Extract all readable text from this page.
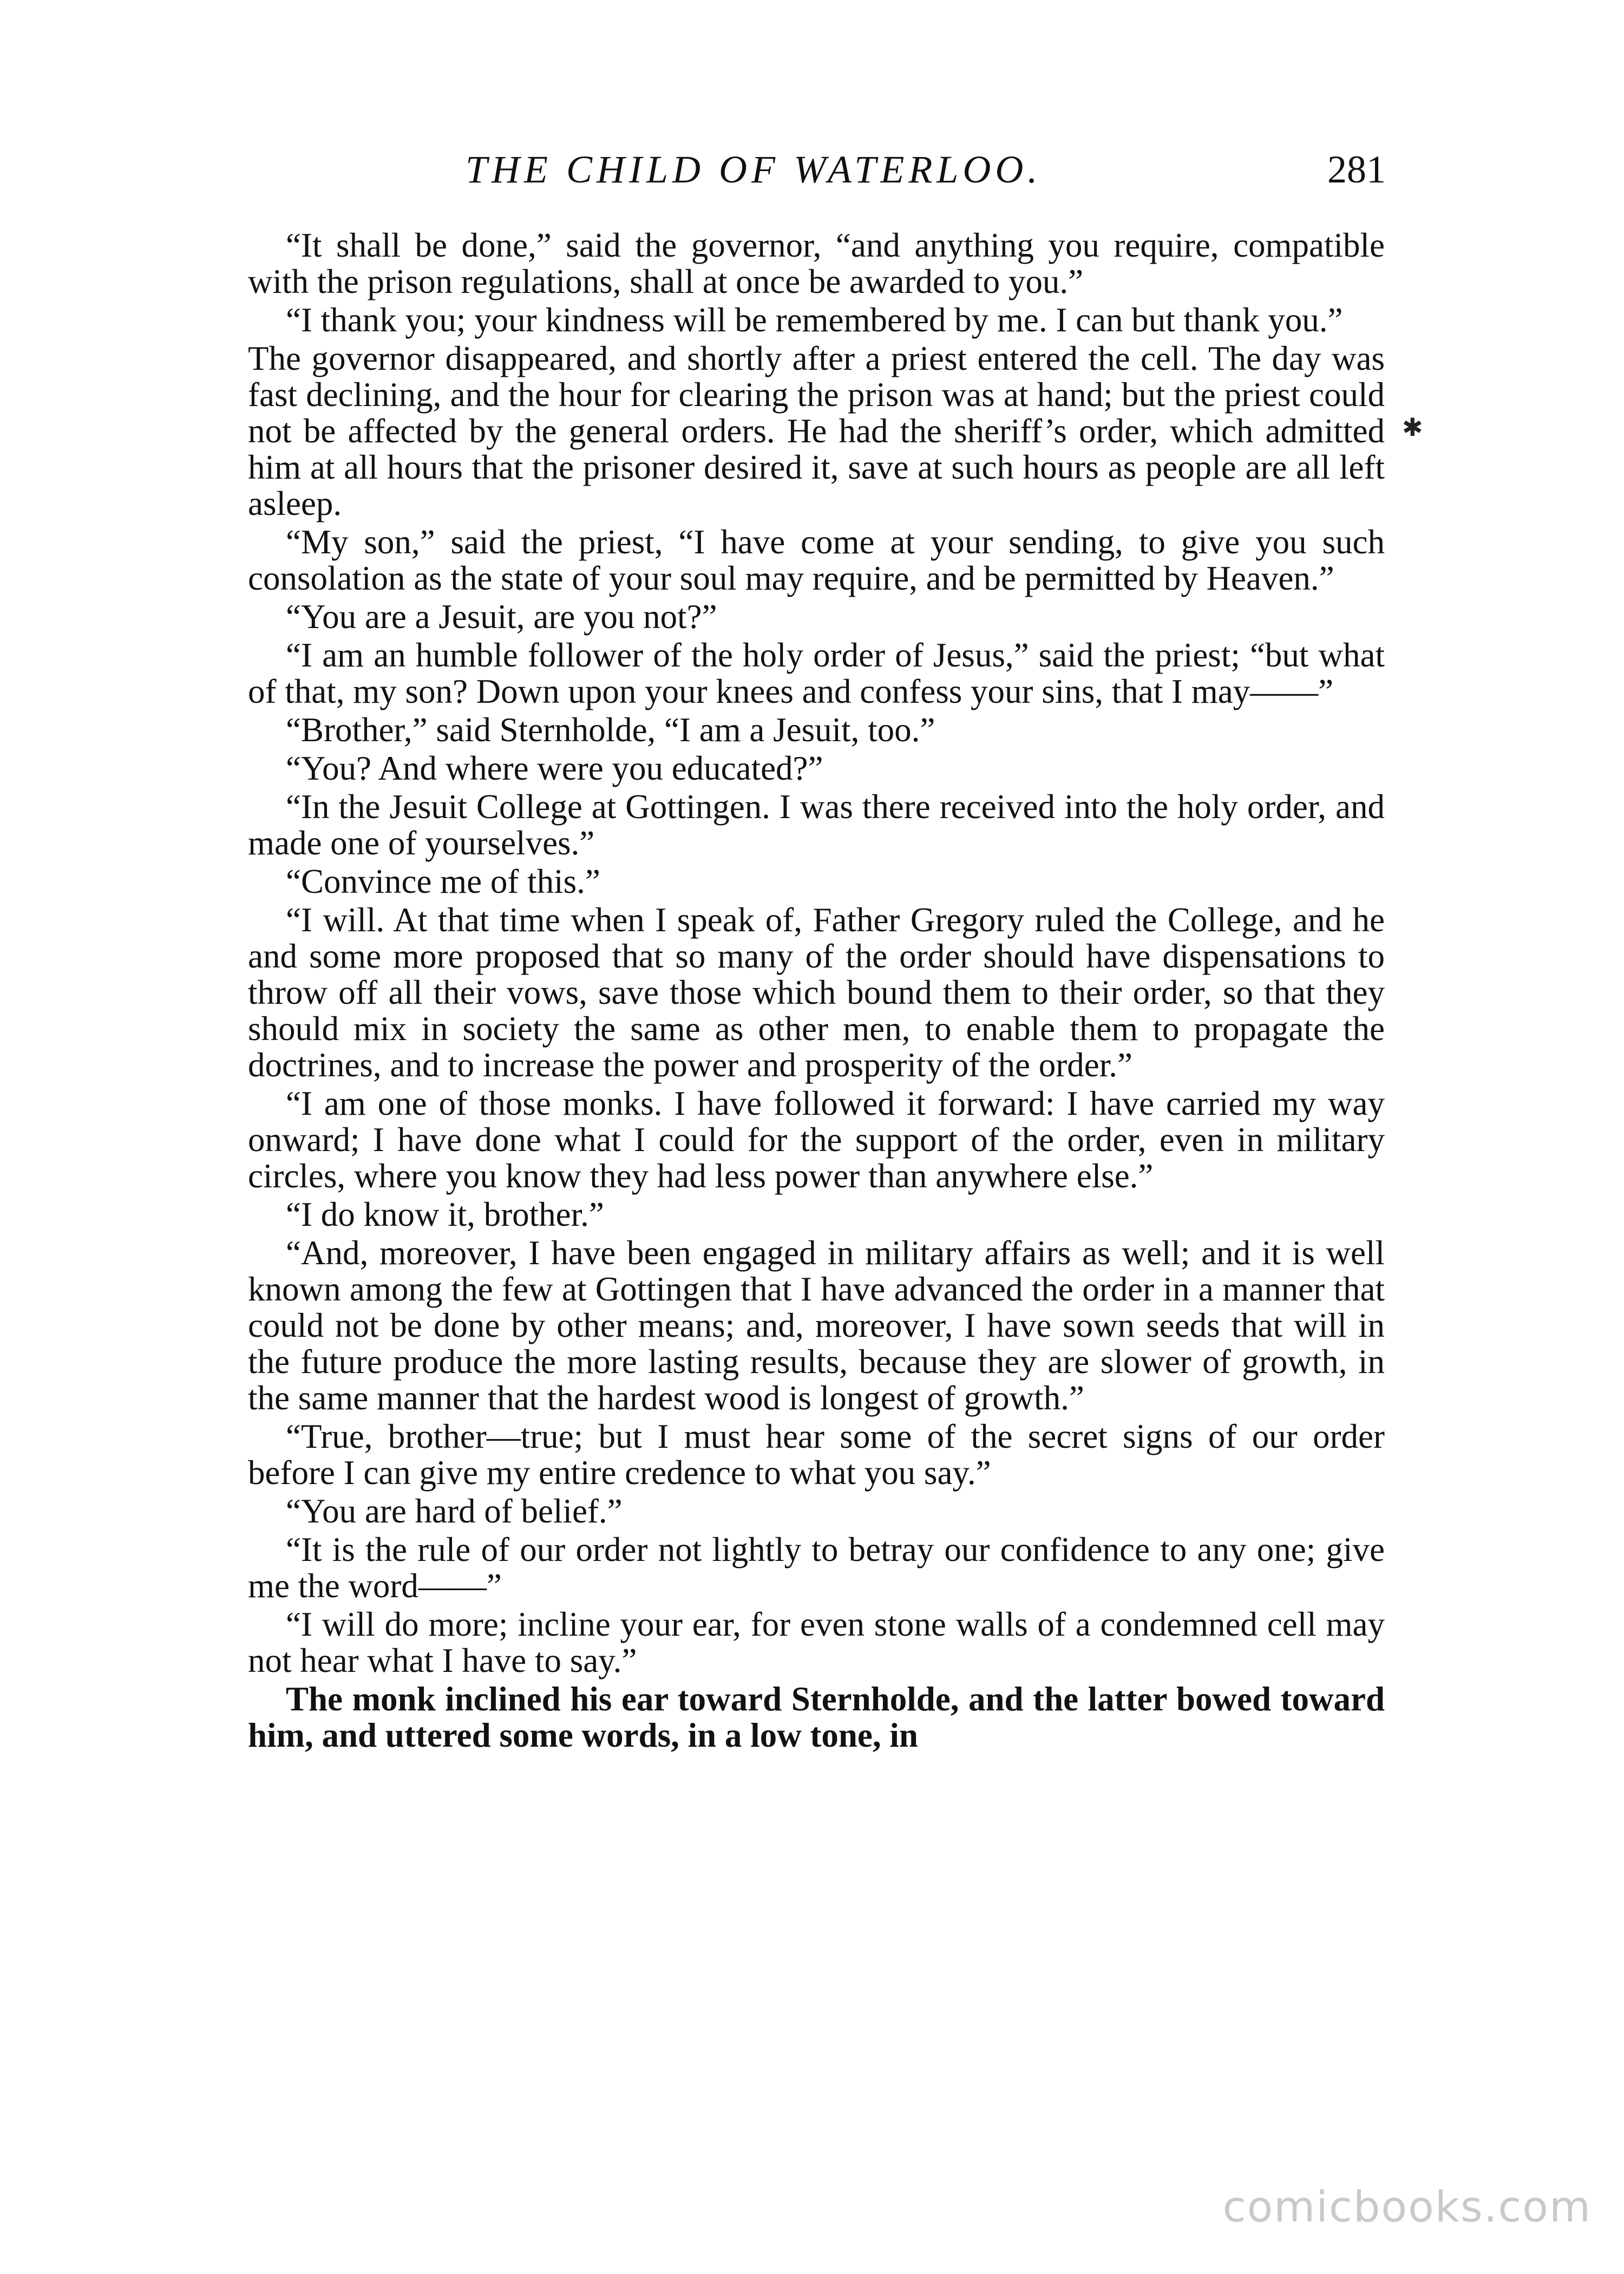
THE CHILD OF WATERLOO.	281
✱

“It shall be done,” said the governor, “and anything you require, compatible with the prison regulations, shall at once be awarded to you.”

“I thank you; your kindness will be remembered by me. I can but thank you.”

The governor disappeared, and shortly after a priest entered the cell. The day was fast declining, and the hour for clearing the prison was at hand; but the priest could not be affected by the general orders. He had the sheriff’s order, which admitted him at all hours that the prisoner desired it, save at such hours as people are all left asleep.

“My son,” said the priest, “I have come at your sending, to give you such consolation as the state of your soul may require, and be permitted by Heaven.”

“You are a Jesuit, are you not?”

“I am an humble follower of the holy order of Jesus,” said the priest; “but what of that, my son? Down upon your knees and confess your sins, that I may——”

“Brother,” said Sternholde, “I am a Jesuit, too.”

“You? And where were you educated?”

“In the Jesuit College at Gottingen. I was there received into the holy order, and made one of yourselves.”

“Convince me of this.”

“I will. At that time when I speak of, Father Gregory ruled the College, and he and some more proposed that so many of the order should have dispensations to throw off all their vows, save those which bound them to their order, so that they should mix in society the same as other men, to enable them to propagate the doctrines, and to increase the power and prosperity of the order.”

“I am one of those monks. I have followed it forward: I have carried my way onward; I have done what I could for the support of the order, even in military circles, where you know they had less power than anywhere else.”

“I do know it, brother.”

“And, moreover, I have been engaged in military affairs as well; and it is well known among the few at Gottingen that I have advanced the order in a manner that could not be done by other means; and, moreover, I have sown seeds that will in the future produce the more lasting results, because they are slower of growth, in the same manner that the hardest wood is longest of growth.”

“True, brother—true; but I must hear some of the secret signs of our order before I can give my entire credence to what you say.”

“You are hard of belief.”

“It is the rule of our order not lightly to betray our confidence to any one; give me the word——”

“I will do more; incline your ear, for even stone walls of a condemned cell may not hear what I have to say.”

The monk inclined his ear toward Sternholde, and the latter bowed toward him, and uttered some words, in a low tone, in

comicbooks.com
